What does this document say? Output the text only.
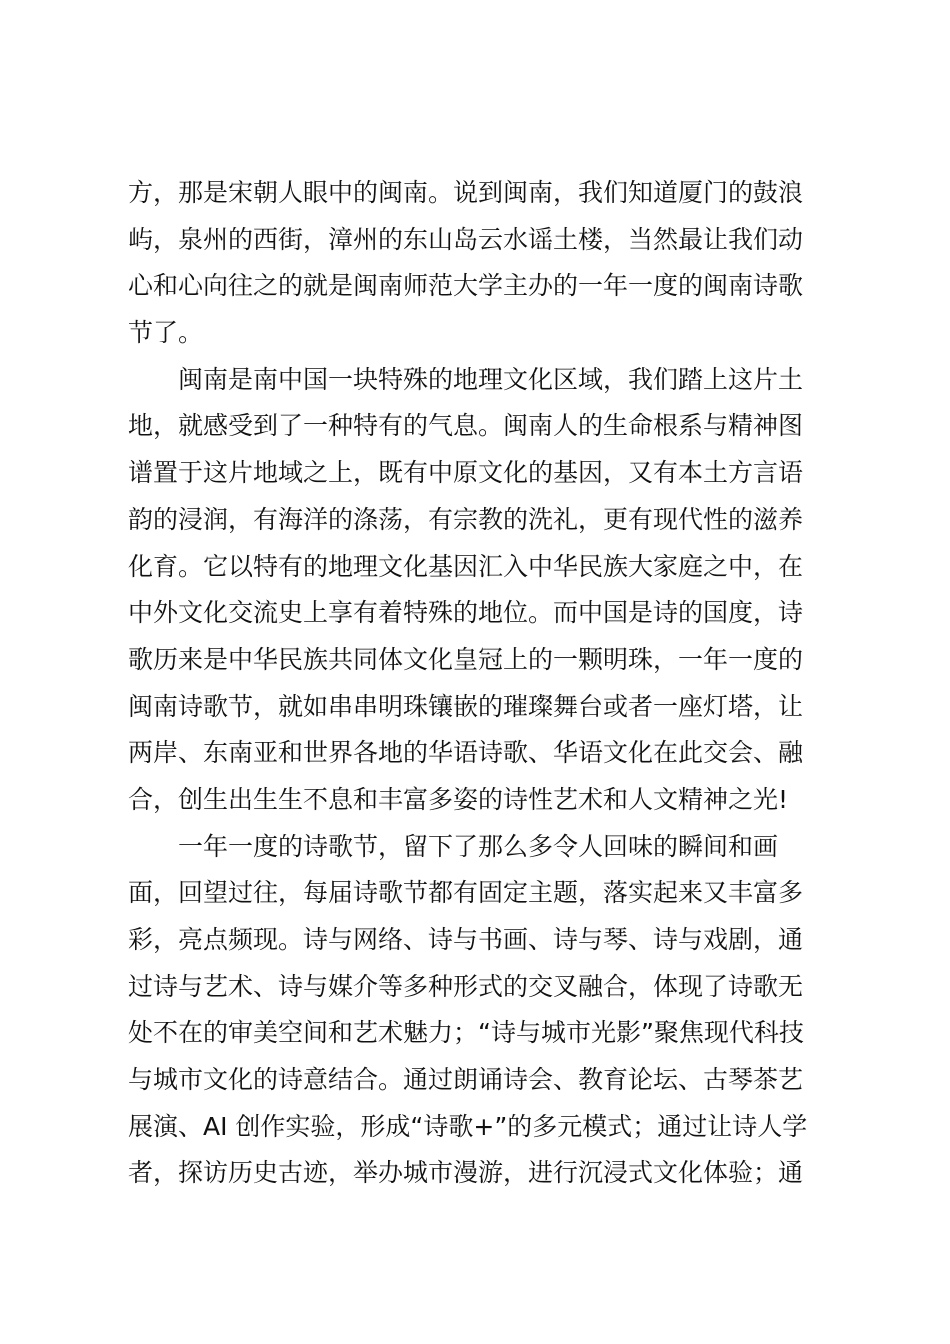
方，那是宋朝人眼中的闽南。说到闽南，我们知道厦门的鼓浪
屿，泉州的西街，漳州的东山岛云水谣土楼，当然最让我们动
心和心向往之的就是闽南师范大学主办的一年一度的闽南诗歌
节了。
闽南是南中国一块特殊的地理文化区域，我们踏上这片土
地，就感受到了一种特有的气息。闽南人的生命根系与精神图
谱置于这片地域之上，既有中原文化的基因，又有本土方言语
韵的浸润，有海洋的涤荡，有宗教的洗礼，更有现代性的滋养
化育。它以特有的地理文化基因汇入中华民族大家庭之中，在
中外文化交流史上享有着特殊的地位。而中国是诗的国度，诗
歌历来是中华民族共同体文化皇冠上的一颗明珠，一年一度的
闽南诗歌节，就如串串明珠镶嵌的璀璨舞台或者一座灯塔，让
两岸、东南亚和世界各地的华语诗歌、华语文化在此交会、融
合，创生出生生不息和丰富多姿的诗性艺术和人文精神之光!
一年一度的诗歌节，留下了那么多令人回味的瞬间和画
面，回望过往，每届诗歌节都有固定主题，落实起来又丰富多
彩，亮点频现。诗与网络、诗与书画、诗与琴、诗与戏剧，通
过诗与艺术、诗与媒介等多种形式的交叉融合，体现了诗歌无
处不在的审美空间和艺术魅力；“诗与城市光影”聚焦现代科技
与城市文化的诗意结合。通过朗诵诗会、教育论坛、古琴茶艺
展演、AI 创作实验，形成“诗歌+”的多元模式；通过让诗人学
者，探访历史古迹，举办城市漫游，进行沉浸式文化体验；通
